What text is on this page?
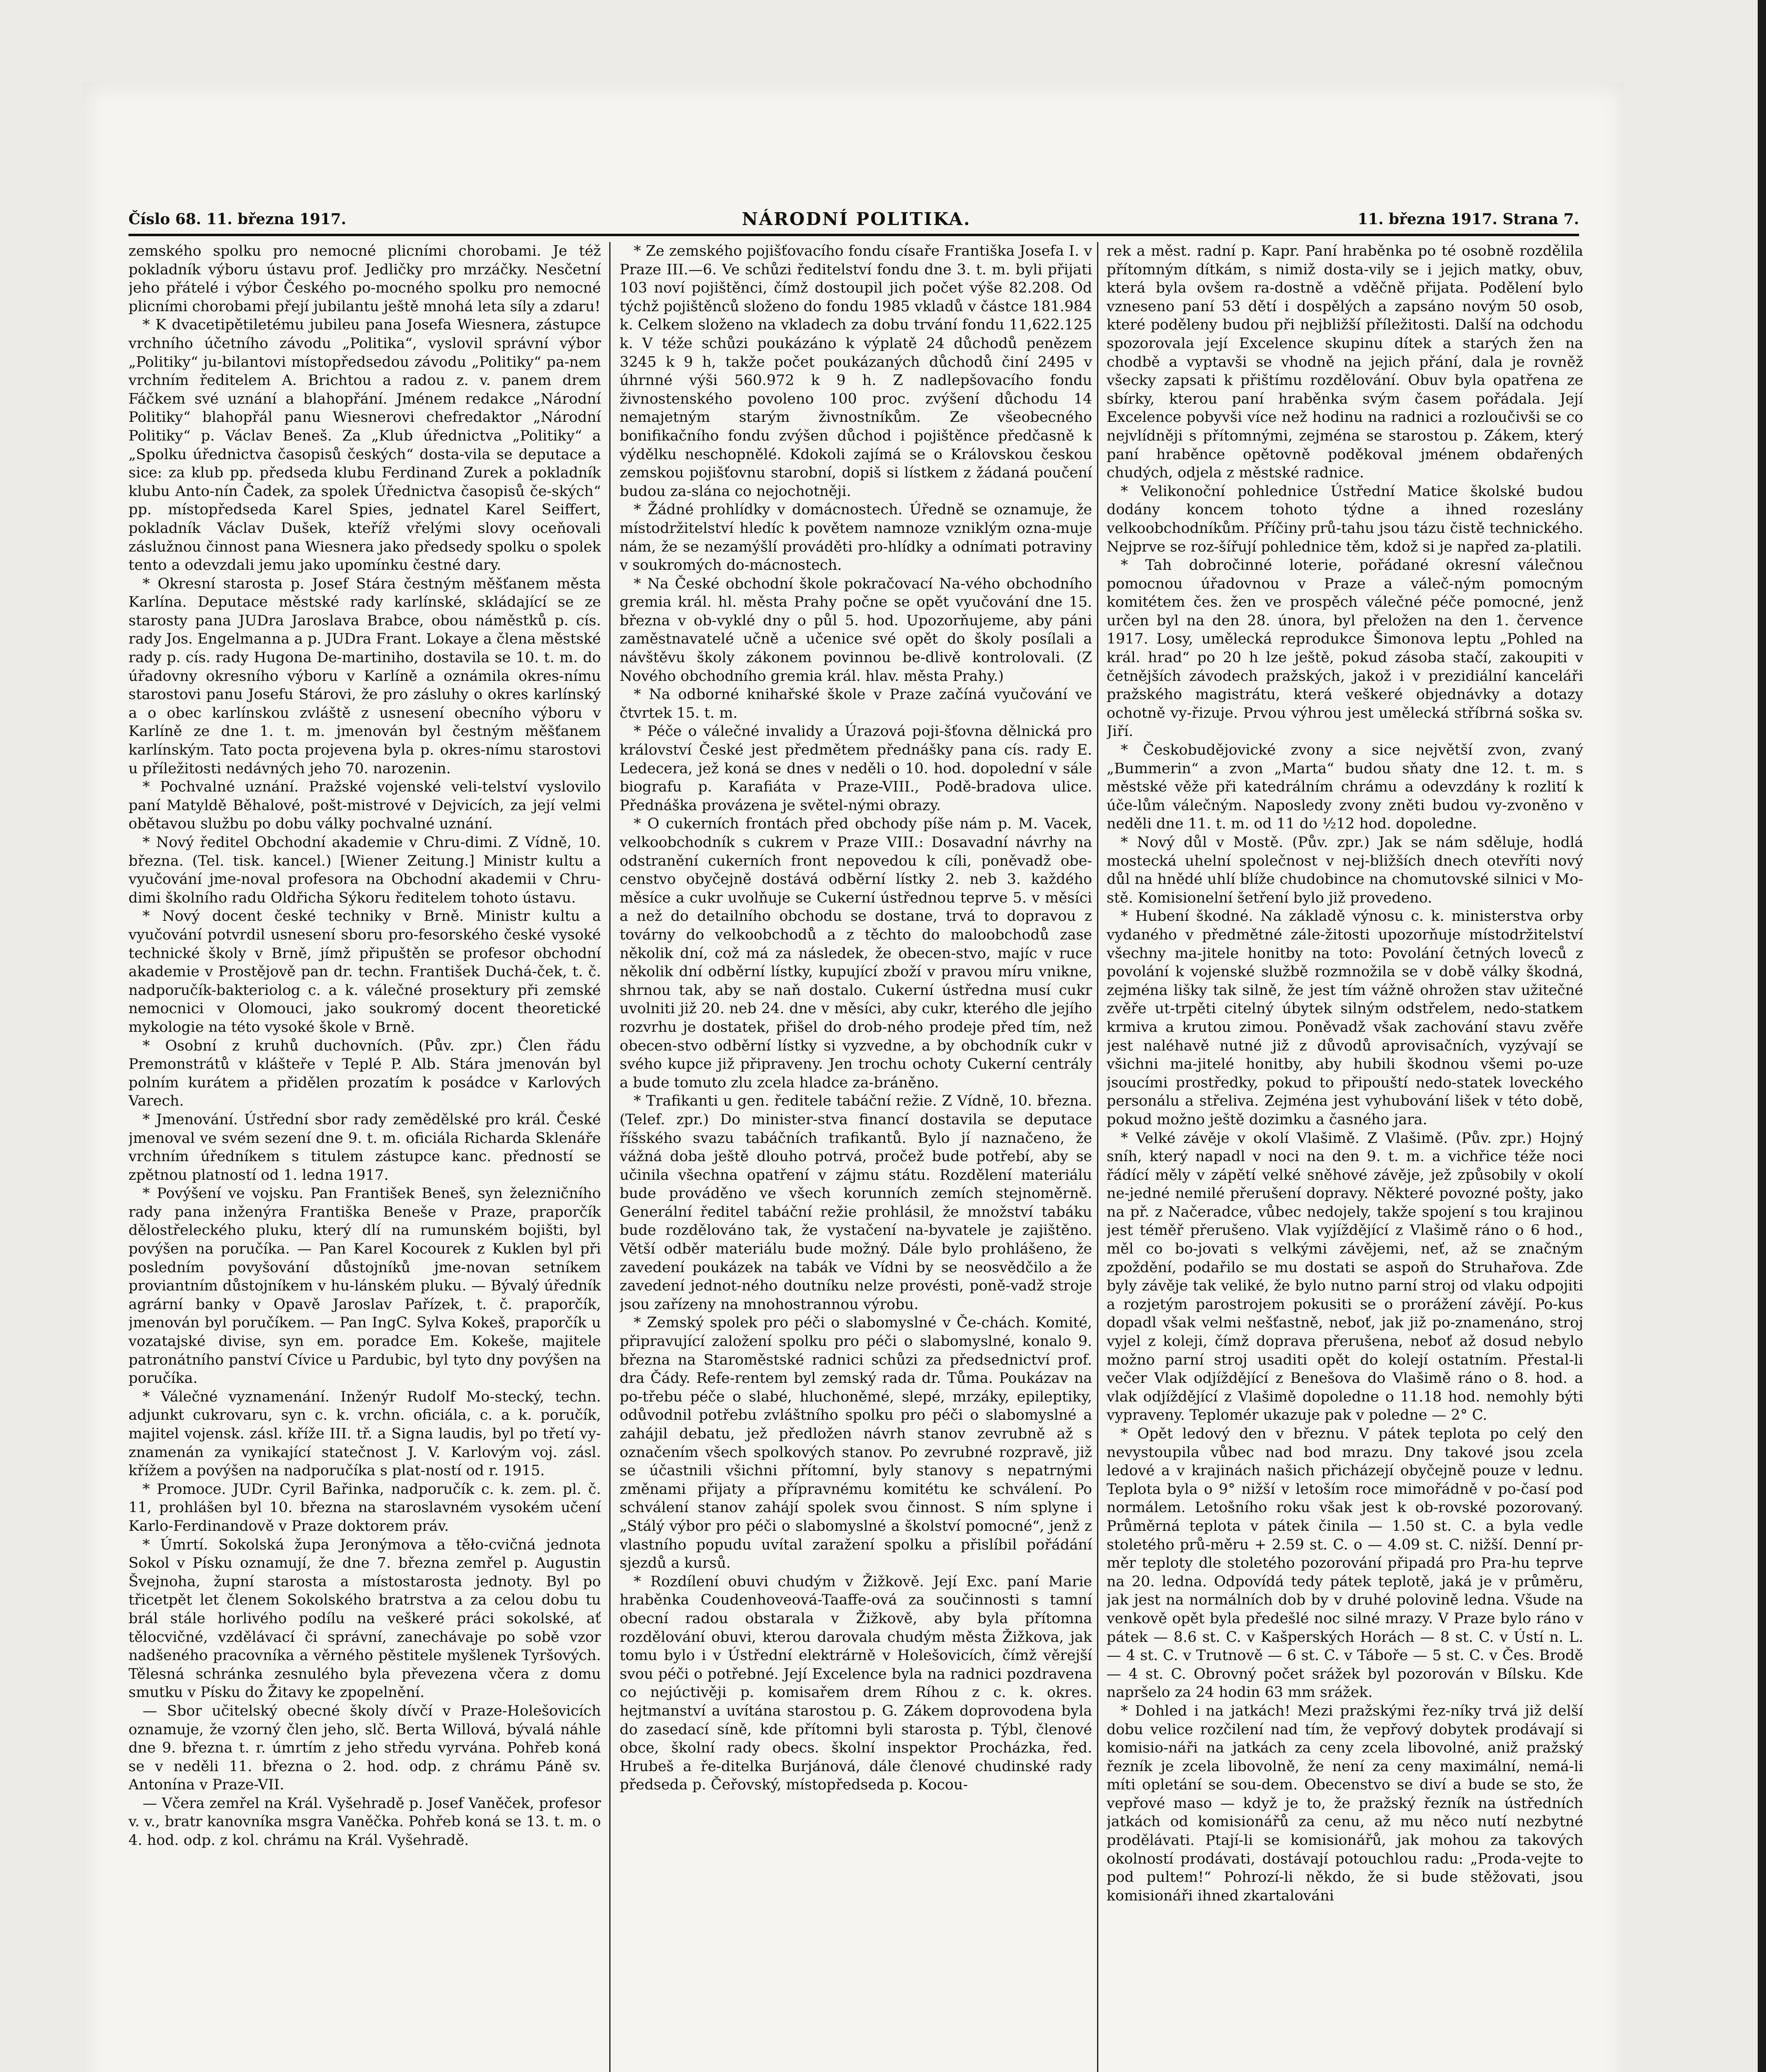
Číslo 68. 11. března 1917.	NÁRODNÍ POLITIKA.	11. března 1917. Strana 7.

zemského spolku pro nemocné plicními chorobami. Je též pokladník výboru ústavu prof. Jedličky pro mrzáčky. Nesčetní jeho přátelé i výbor Českého po-mocného spolku pro nemocné plicními chorobami přejí jubilantu ještě mnohá leta síly a zdaru!

* K dvacetipětiletému jubileu pana Josefa Wiesnera, zástupce vrchního účetního závodu „Politika“, vyslovil správní výbor „Politiky“ ju-bilantovi místopředsedou závodu „Politiky“ pa-nem vrchním ředitelem A. Brichtou a radou z. v. panem drem Fáčkem své uznání a blahopřání. Jménem redakce „Národní Politiky“ blahopřál panu Wiesnerovi chefredaktor „Národní Politiky“ p. Václav Beneš. Za „Klub úřednictva „Politiky“ a „Spolku úřednictva časopisů českých“ dosta-vila se deputace a sice: za klub pp. předseda klubu Ferdinand Zurek a pokladník klubu Anto-nín Čadek, za spolek Úřednictva časopisů če-ských“ pp. místopředseda Karel Spies, jednatel Karel Seiffert, pokladník Václav Dušek, kteříž vřelými slovy oceňovali záslužnou činnost pana Wiesnera jako předsedy spolku o spolek tento a odevzdali jemu jako upomínku čestné dary.

* Okresní starosta p. Josef Stára čestným měšťanem města Karlína. Deputace městské rady karlínské, skládající se ze starosty pana JUDra Jaroslava Brabce, obou náměstků p. cís. rady Jos. Engelmanna a p. JUDra Frant. Lokaye a člena městské rady p. cís. rady Hugona De-martiniho, dostavila se 10. t. m. do úřadovny okresního výboru v Karlíně a oznámila okres-nímu starostovi panu Josefu Stárovi, že pro zásluhy o okres karlínský a o obec karlínskou zvláště z usnesení obecního výboru v Karlíně ze dne 1. t. m. jmenován byl čestným měšťanem karlínským. Tato pocta projevena byla p. okres-nímu starostovi u příležitosti nedávných jeho 70. narozenin.

* Pochvalné uznání. Pražské vojenské veli-telství vyslovilo paní Matyldě Běhalové, pošt-mistrové v Dejvicích, za její velmi obětavou službu po dobu války pochvalné uznání.

* Nový ředitel Obchodní akademie v Chru-dimi. Z Vídně, 10. března. (Tel. tisk. kancel.) [Wiener Zeitung.] Ministr kultu a vyučování jme-noval profesora na Obchodní akademii v Chru-dimi školního radu Oldřicha Sýkoru ředitelem tohoto ústavu.

* Nový docent české techniky v Brně. Ministr kultu a vyučování potvrdil usnesení sboru pro-fesorského české vysoké technické školy v Brně, jímž připuštěn se profesor obchodní akademie v Prostějově pan dr. techn. František Duchá-ček, t. č. nadporučík-bakteriolog c. a k. válečné prosektury při zemské nemocnici v Olomouci, jako soukromý docent theoretické mykologie na této vysoké škole v Brně.

* Osobní z kruhů duchovních. (Pův. zpr.) Člen řádu Premonstrátů v klášteře v Teplé P. Alb. Stára jmenován byl polním kurátem a přidělen prozatím k posádce v Karlových Varech.

* Jmenování. Ústřední sbor rady zemědělské pro král. České jmenoval ve svém sezení dne 9. t. m. oficiála Richarda Sklenáře vrchním úředníkem s titulem zástupce kanc. předností se zpětnou platností od 1. ledna 1917.

* Povýšení ve vojsku. Pan František Beneš, syn železničního rady pana inženýra Františka Beneše v Praze, praporčík dělostřeleckého pluku, který dlí na rumunském bojišti, byl povýšen na poručíka. — Pan Karel Kocourek z Kuklen byl při posledním povyšování důstojníků jme-novan setníkem proviantním důstojníkem v hu-lánském pluku. — Bývalý úředník agrární banky v Opavě Jaroslav Pařízek, t. č. praporčík, jmenován byl poručíkem. — Pan IngC. Sylva Kokeš, praporčík u vozatajské divise, syn em. poradce Em. Kokeše, majitele patronátního panství Cívice u Pardubic, byl tyto dny povýšen na poručíka.

* Válečné vyznamenání. Inženýr Rudolf Mo-stecký, techn. adjunkt cukrovaru, syn c. k. vrchn. oficiála, c. a k. poručík, majitel vojensk. zásl. kříže III. tř. a Signa laudis, byl po třetí vy-znamenán za vynikající statečnost J. V. Karlovým voj. zásl. křížem a povýšen na nadporučíka s plat-ností od r. 1915.

* Promoce. JUDr. Cyril Bařinka, nadporučík c. k. zem. pl. č. 11, prohlášen byl 10. března na staroslavném vysokém učení Karlo-Ferdinandově v Praze doktorem práv.

* Úmrtí. Sokolská župa Jeronýmova a těło-cvičná jednota Sokol v Písku oznamují, že dne 7. března zemřel p. Augustin Švejnoha, župní starosta a místostarosta jednoty. Byl po třicetpět let členem Sokolského bratrstva a za celou dobu tu brál stále horlivého podílu na veškeré práci sokolské, ať tělocvičné, vzdělávací či správní, zanechávaje po sobě vzor nadšeného pracovníka a věrného pěstitele myšlenek Tyršových. Tělesná schránka zesnulého byla převezena včera z domu smutku v Písku do Žitavy ke zpopelnění.

— Sbor učitelský obecné školy dívčí v Praze-Holešovicích oznamuje, že vzorný člen jeho, slč. Berta Willová, bývalá náhle dne 9. března t. r. úmrtím z jeho středu vyrvána. Pohřeb koná se v neděli 11. března o 2. hod. odp. z chrámu Páně sv. Antonína v Praze-VII.

— Včera zemřel na Král. Vyšehradě p. Josef Vaněček, profesor v. v., bratr kanovníka msgra Vaněčka. Pohřeb koná se 13. t. m. o 4. hod. odp. z kol. chrámu na Král. Vyšehradě.

* Ze zemského pojišťovacího fondu císaře Františka Josefa I. v Praze III.—6. Ve schůzi ředitelství fondu dne 3. t. m. byli přijati 103 noví pojištěnci, čímž dostoupil jich počet výše 82.208. Od týchž pojištěnců složeno do fondu 1985 vkladů v částce 181.984 k. Celkem složeno na vkladech za dobu trvání fondu 11,622.125 k. V téže schůzi poukázáno k výplatě 24 důchodů penězem 3245 k 9 h, takže počet poukázaných důchodů činí 2495 v úhrnné výši 560.972 k 9 h. Z nadlepšovacího fondu živnostenského povoleno 100 proc. zvýšení důchodu 14 nemajetným starým živnostníkům. Ze všeobecného bonifikačního fondu zvýšen důchod i pojištěnce předčasně k výdělku neschopnělé. Kdokoli zajímá se o Královskou českou zemskou pojišťovnu starobní, dopiš si lístkem z žádaná poučení budou za-slána co nejochotněji.

* Žádné prohlídky v domácnostech. Úředně se oznamuje, že místodržitelství hledíc k povětem namnoze vzniklým ozna-muje nám, že se nezamýšlí prováděti pro-hlídky a odnímati potraviny v soukromých do-mácnostech.

* Na České obchodní škole pokračovací Na-vého obchodního gremia král. hl. města Prahy počne se opět vyučování dne 15. března v ob-vyklé dny o půl 5. hod. Upozorňujeme, aby páni zaměstnavatelé učně a učenice své opět do školy posílali a návštěvu školy zákonem povinnou be-dlivě kontrolovali. (Z Nového obchodního gremia král. hlav. města Prahy.)

* Na odborné knihařské škole v Praze začíná vyučování ve čtvrtek 15. t. m.

* Péče o válečné invalidy a Úrazová poji-šťovna dělnická pro království České jest předmětem přednášky pana cís. rady E. Ledecera, jež koná se dnes v neděli o 10. hod. dopolední v sále biografu p. Karafiáta v Praze-VIII., Podě-bradova ulice. Přednáška provázena je světel-nými obrazy.

* O cukerních frontách před obchody píše nám p. M. Vacek, velkoobchodník s cukrem v Praze VIII.: Dosavadní návrhy na odstranění cukerních front nepovedou k cíli, poněvadž obe-censtvo obyčejně dostává odběrní lístky 2. neb 3. každého měsíce a cukr uvolňuje se Cukerní ústřednou teprve 5. v měsíci a než do detailního obchodu se dostane, trvá to dopravou z továrny do velkoobchodů a z těchto do maloobchodů zase několik dní, což má za následek, že obecen-stvo, majíc v ruce několik dní odběrní lístky, kupující zboží v pravou míru vnikne, shrnou tak, aby se naň dostalo. Cukerní ústředna musí cukr uvolniti již 20. neb 24. dne v měsíci, aby cukr, kterého dle jejího rozvrhu je dostatek, přišel do drob-ného prodeje před tím, než obecen-stvo odběrní lístky si vyzvedne, a by obchodník cukr v svého kupce již připraveny. Jen trochu ochoty Cukerní centrály a bude tomuto zlu zcela hladce za-bráněno.

* Trafikanti u gen. ředitele tabáční režie. Z Vídně, 10. března. (Telef. zpr.) Do minister-stva financí dostavila se deputace říšského svazu tabáčních trafikantů. Bylo jí naznačeno, že vážná doba ještě dlouho potrvá, pročež bude potřebí, aby se učinila všechna opatření v zájmu státu. Rozdělení materiálu bude prováděno ve všech korunních zemích stejnoměrně. Generální ředitel tabáční režie prohlásil, že množství tabáku bude rozdělováno tak, že vystačení na-byvatele je zajištěno. Větší odběr materiálu bude možný. Dále bylo prohlášeno, že zavedení poukázek na tabák ve Vídni by se neosvědčilo a že zavedení jednot-ného doutníku nelze provésti, poně-vadž stroje jsou zařízeny na mnohostrannou výrobu.

* Zemský spolek pro péči o slabomyslné v Če-chách. Komité, připravující založení spolku pro péči o slabomyslné, konalo 9. března na Staroměstské radnici schůzi za předsednictví prof. dra Čády. Refe-rentem byl zemský rada dr. Tůma. Poukázav na po-třebu péče o slabé, hluchoněmé, slepé, mrzáky, epileptiky, odůvodnil potřebu zvláštního spolku pro péči o slabomyslné a zahájil debatu, jež předložen návrh stanov zevrubně až s označením všech spolkových stanov. Po zevrubné rozpravě, již se účastnili všichni přítomní, byly stanovy s nepatrnými změnami přijaty a přípravnému komitétu ke schválení. Po schválení stanov zahájí spolek svou činnost. S ním splyne i „Stálý výbor pro péči o slabomyslné a školství pomocné“, jenž z vlastního popudu uvítal zaražení spolku a přislíbil pořádání sjezdů a kursů.

* Rozdílení obuvi chudým v Žižkově. Její Exc. paní Marie hraběnka Coudenhoveová-Taaffe-ová za součinnosti s tamní obecní radou obstarala v Žižkově, aby byla přítomna rozdělování obuvi, kterou darovala chudým města Žižkova, jak tomu bylo i v Ústřední elektrárně v Holešovicích, čímž věrejší svou péči o potřebné. Její Excelence byla na radnici pozdravena co nejúctivěji p. komisařem drem Ríhou z c. k. okres. hejtmanství a uvítána starostou p. G. Zákem doprovodena byla do zasedací síně, kde přítomni byli starosta p. Týbl, členové obce, školní rady obecs. školní inspektor Procházka, řed. Hrubeš a ře-ditelka Burjánová, dále členové chudinské rady předseda p. Čeřovský, místopředseda p. Kocou-

rek a měst. radní p. Kapr. Paní hraběnka po té osobně rozdělila přítomným dítkám, s nimiž dosta-vily se i jejich matky, obuv, která byla ovšem ra-dostně a vděčně přijata. Podělení bylo vzneseno paní 53 dětí i dospělých a zapsáno novým 50 osob, které poděleny budou při nejbližší příležitosti. Další na odchodu spozorovala její Excelence skupinu dítek a starých žen na chodbě a vyptavši se vhodně na jejich přání, dala je rovněž všecky zapsati k přištímu rozdělování. Obuv byla opatřena ze sbírky, kterou paní hraběnka svým časem pořádala. Její Excelence pobyvši více než hodinu na radnici a rozloučivši se co nejvlídněji s přítomnými, zejména se starostou p. Zákem, který paní hraběnce opětovně poděkoval jménem obdařených chudých, odjela z městské radnice.

* Velikonoční pohlednice Ústřední Matice školské budou dodány koncem tohoto týdne a ihned rozeslány velkoobchodníkům. Příčiny prů-tahu jsou tázu čistě technického. Nejprve se roz-šířují pohlednice těm, kdož si je napřed za-platili.

* Tah dobročinné loterie, pořádané okresní válečnou pomocnou úřadovnou v Praze a váleč-ným pomocným komitétem čes. žen ve prospěch válečné péče pomocné, jenž určen byl na den 28. února, byl přeložen na den 1. července 1917. Losy, umělecká reprodukce Šimonova leptu „Pohled na král. hrad“ po 20 h lze ještě, pokud zásoba stačí, zakoupiti v četnějších závodech pražských, jakož i v prezidiální kanceláři pražského magistrátu, která veškeré objednávky a dotazy ochotně vy-řizuje. Prvou výhrou jest umělecká stříbrná soška sv. Jiří.

* Českobudějovické zvony a sice největší zvon, zvaný „Bummerin“ a zvon „Marta“ budou sňaty dne 12. t. m. s městské věže při katedrálním chrámu a odevzdány k rozlití k úče-lům válečným. Naposledy zvony zněti budou vy-zvoněno v neděli dne 11. t. m. od 11 do ½12 hod. dopoledne.

* Nový důl v Mostě. (Pův. zpr.) Jak se nám sděluje, hodlá mostecká uhelní společnost v nej-bližších dnech otevříti nový důl na hnědé uhlí blíže chudobince na chomutovské silnici v Mo-stě. Komisionelní šetření bylo již provedeno.

* Hubení škodné. Na základě výnosu c. k. ministerstva orby vydaného v předmětné zále-žitosti upozorňuje místodržitelství všechny ma-jitele honitby na toto: Povolání četných loveců z povolání k vojenské službě rozmnožila se v době války škodná, zejména lišky tak silně, že jest tím vážně ohrožen stav užitečné zvěře ut-trpěti citelný úbytek silným odstřelem, nedo-statkem krmiva a krutou zimou. Poněvadž však zachování stavu zvěře jest naléhavě nutné již z důvodů aprovisačních, vyzývají se všichni ma-jitelé honitby, aby hubili škodnou všemi po-uze jsoucími prostředky, pokud to připouští nedo-statek loveckého personálu a střeliva. Zejména jest vyhubování lišek v této době, pokud možno ještě dozimku a časného jara.

* Velké závěje v okolí Vlašimě. Z Vlašimě. (Pův. zpr.) Hojný sníh, který napadl v noci na den 9. t. m. a vichřice téže noci řádící měly v zápětí velké sněhové závěje, jež způsobily v okolí ne-jedné nemilé přerušení dopravy. Některé povozné pošty, jako na př. z Načeradce, vůbec nedojely, takže spojení s tou krajinou jest téměř přerušeno. Vlak vyjíždějící z Vlašimě ráno o 6 hod., měl co bo-jovati s velkými závějemi, neť, až se značným zpoždění, podařilo se mu dostati se aspoň do Struhařova. Zde byly závěje tak veliké, že bylo nutno parní stroj od vlaku odpojiti a rozjetým parostrojem pokusiti se o prorážení závějí. Po-kus dopadl však velmi nešťastně, neboť, jak již po-znamenáno, stroj vyjel z koleji, čímž doprava přerušena, neboť až dosud nebylo možno parní stroj usaditi opět do kolejí ostatním. Přestal-li večer Vlak odjíždějící z Benešova do Vlašimě ráno o 8. hod. a vlak odjíždějící z Vlašimě dopoledne o 11.18 hod. nemohly býti vypraveny. Teplomér ukazuje pak v poledne — 2° C.

* Opět ledový den v březnu. V pátek teplota po celý den nevystoupila vůbec nad bod mrazu. Dny takové jsou zcela ledové a v krajinách našich přicházejí obyčejně pouze v lednu. Teplota byla o 9° nižší v letoším roce mimořádně v po-časí pod normálem. Letošního roku však jest k ob-rovské pozorovaný. Průměrná teplota v pátek činila — 1.50 st. C. a byla vedle stoletého prů-měru + 2.59 st. C. o — 4.09 st. C. nižší. Denní pr-měr teploty dle stoletého pozorování připadá pro Pra-hu teprve na 20. ledna. Odpovídá tedy pátek teplotě, jaká je v průměru, jak jest na normálních dob by v druhé polovině ledna. Všude na venkově opět byla předešlé noc silné mrazy. V Praze bylo ráno v pátek — 8.6 st. C. v Kašperských Horách — 8 st. C. v Ústí n. L. — 4 st. C. v Trutnově — 6 st. C. v Táboře — 5 st. C. v Čes. Brodě — 4 st. C. Obrovný počet srážek byl pozorován v Bílsku. Kde napršelo za 24 hodin 63 mm srážek.

* Dohled i na jatkách! Mezi pražskými řez-níky trvá již delší dobu velice rozčilení nad tím, že vepřový dobytek prodávají si komisio-náři na jatkách za ceny zcela libovolné, aniž pražský řezník je zcela libovolně, že není za ceny maximální, nemá-li míti opletání se sou-dem. Obecenstvo se diví a bude se sto, že vepřové maso — když je to, že pražský řezník na ústředních jatkách od komisionářů za cenu, až mu něco nutí nezbytné prodělávati. Ptají-li se komisionářů, jak mohou za takových okolností prodávati, dostávají potouchlou radu: „Proda-vejte to pod pultem!“ Pohrozí-li někdo, že si bude stěžovati, jsou komisionáři ihned zkartalováni
